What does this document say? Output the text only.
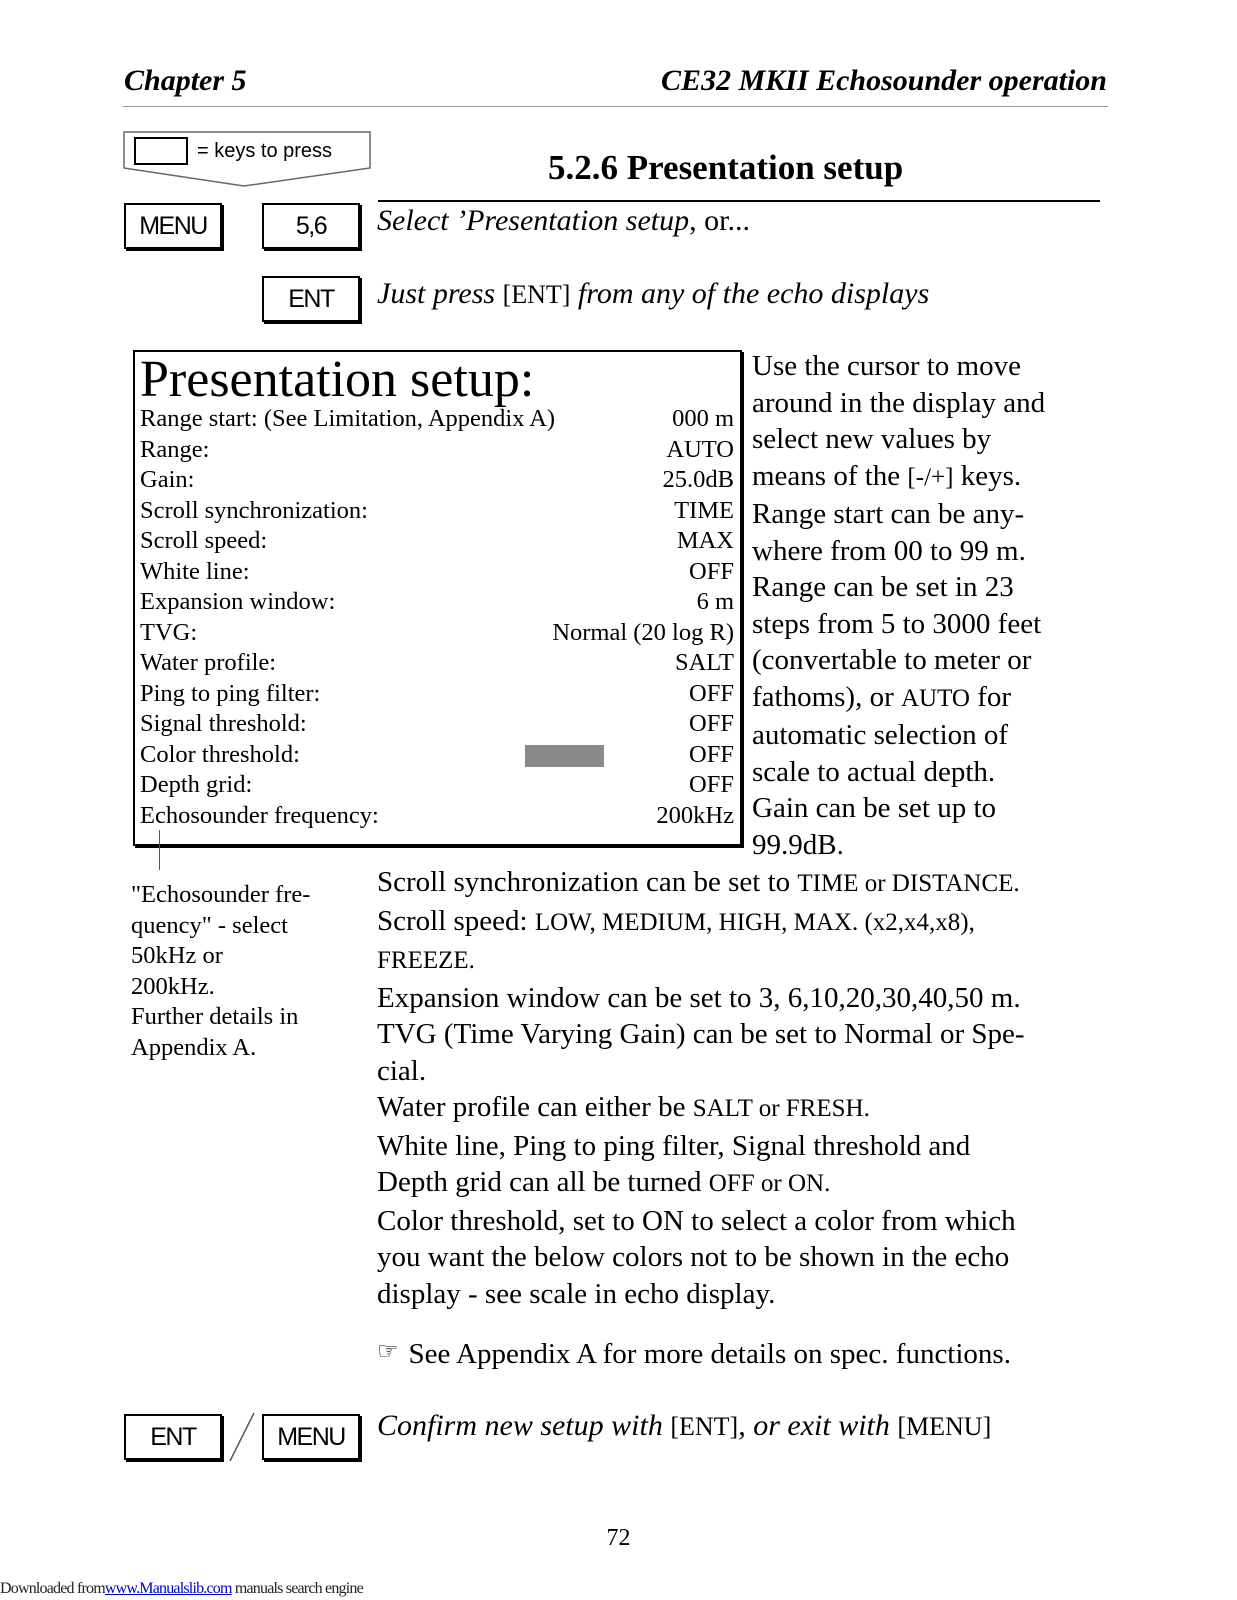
Chapter 5	CE32 MKII Echosounder operation
= keys to press	5.2.6 Presentation setup
MENU	5,6
ENT
Select ’Presentation setup, or...
Just press [ENT] from any of the echo displays
Presentation setup:
Range start: (See Limitation, Appendix A)	000 m
Range:	AUTO
Gain:	25.0dB
Scroll synchronization:	TIME
Scroll speed:	MAX
White line:	OFF
Expansion window:	6 m
TVG:	Normal (20 log R)
Water profile:	SALT
Ping to ping filter:	OFF
Signal threshold:	OFF
Color threshold:	OFF
Depth grid:	OFF
Echosounder frequency:	200kHz

Use the cursor to move

around in the display and

select new values by

means of the [-/+] keys.

Range start can be any-

where from 00 to 99 m.

Range can be set in 23

steps from 5 to 3000 feet

(convertable to meter or

fathoms), or AUTO for

automatic selection of

scale to actual depth.

Gain can be set up to

99.9dB.

"Echosounder fre-

quency" - select

50kHz or

200kHz.

Further details in

Appendix A.

Scroll synchronization can be set to TIME or DISTANCE.

Scroll speed: LOW, MEDIUM, HIGH, MAX. (x2,x4,x8),

FREEZE.

Expansion window can be set to 3, 6,10,20,30,40,50 m.

TVG (Time Varying Gain) can be set to Normal or Spe-

cial.

Water profile can either be SALT or FRESH.

White line, Ping to ping filter, Signal threshold and

Depth grid can all be turned OFF or ON.

Color threshold, set to ON to select a color from which

you want the below colors not to be shown in the echo

display - see scale in echo display.

☞ See Appendix A for more details on spec. functions.
ENT	MENU	Confirm new setup with [ENT], or exit with [MENU]
72
Downloaded fromwww.Manualslib.com manuals search engine
